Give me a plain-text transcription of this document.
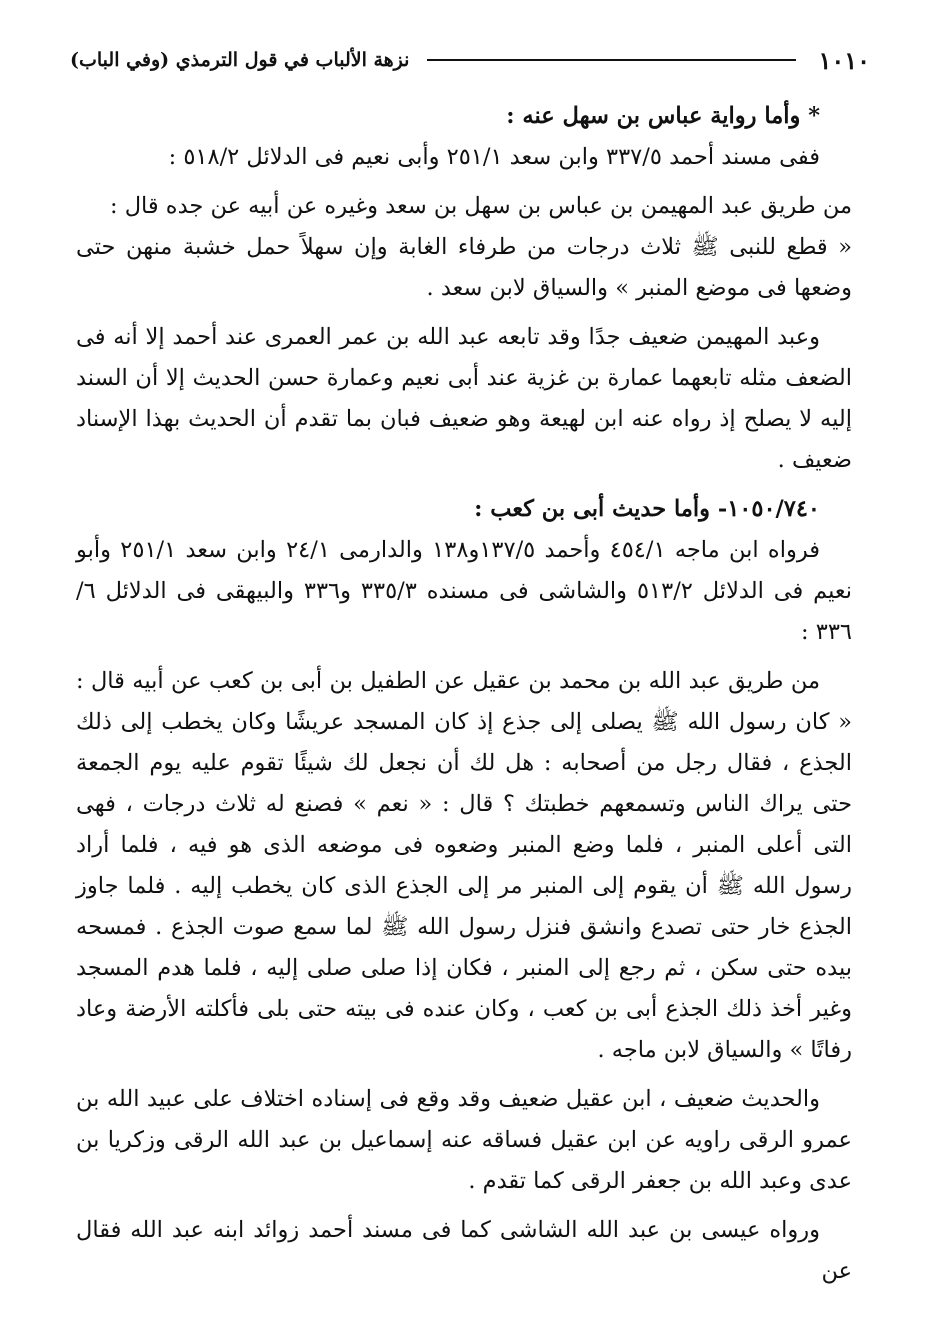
١٠١٠
نزهة الألباب في قول الترمذي (وفي الباب)

* وأما رواية عباس بن سهل عنه :

ففى مسند أحمد ٣٣٧/٥ وابن سعد ٢٥١/١ وأبى نعيم فى الدلائل ٥١٨/٢ :

من طريق عبد المهيمن بن عباس بن سهل بن سعد وغيره عن أبيه عن جده قال :

« قطع للنبى ﷺ ثلاث درجات من طرفاء الغابة وإن سهلاً حمل خشبة منهن حتى وضعها فى موضع المنبر » والسياق لابن سعد .

وعبد المهيمن ضعيف جدًا وقد تابعه عبد الله بن عمر العمرى عند أحمد إلا أنه فى الضعف مثله تابعهما عمارة بن غزية عند أبى نعيم وعمارة حسن الحديث إلا أن السند إليه لا يصلح إذ رواه عنه ابن لهيعة وهو ضعيف فبان بما تقدم أن الحديث بهذا الإسناد ضعيف .

١٠٥٠/٧٤٠- وأما حديث أبى بن كعب :

فرواه ابن ماجه ٤٥٤/١ وأحمد ١٣٧/٥و١٣٨ والدارمى ٢٤/١ وابن سعد ٢٥١/١ وأبو نعيم فى الدلائل ٥١٣/٢ والشاشى فى مسنده ٣٣٥/٣ و٣٣٦ والبيهقى فى الدلائل ٦/ ٣٣٦ :

من طريق عبد الله بن محمد بن عقيل عن الطفيل بن أبى بن كعب عن أبيه قال : « كان رسول الله ﷺ يصلى إلى جذع إذ كان المسجد عريشًا وكان يخطب إلى ذلك الجذع ، فقال رجل من أصحابه : هل لك أن نجعل لك شيئًا تقوم عليه يوم الجمعة حتى يراك الناس وتسمعهم خطبتك ؟ قال : « نعم » فصنع له ثلاث درجات ، فهى التى أعلى المنبر ، فلما وضع المنبر وضعوه فى موضعه الذى هو فيه ، فلما أراد رسول الله ﷺ أن يقوم إلى المنبر مر إلى الجذع الذى كان يخطب إليه . فلما جاوز الجذع خار حتى تصدع وانشق فنزل رسول الله ﷺ لما سمع صوت الجذع . فمسحه بيده حتى سكن ، ثم رجع إلى المنبر ، فكان إذا صلى صلى إليه ، فلما هدم المسجد وغير أخذ ذلك الجذع أبى بن كعب ، وكان عنده فى بيته حتى بلى فأكلته الأرضة وعاد رفاتًا » والسياق لابن ماجه .

والحديث ضعيف ، ابن عقيل ضعيف وقد وقع فى إسناده اختلاف على عبيد الله بن عمرو الرقى راويه عن ابن عقيل فساقه عنه إسماعيل بن عبد الله الرقى وزكريا بن عدى وعبد الله بن جعفر الرقى كما تقدم .

ورواه عيسى بن عبد الله الشاشى كما فى مسند أحمد زوائد ابنه عبد الله فقال عن
